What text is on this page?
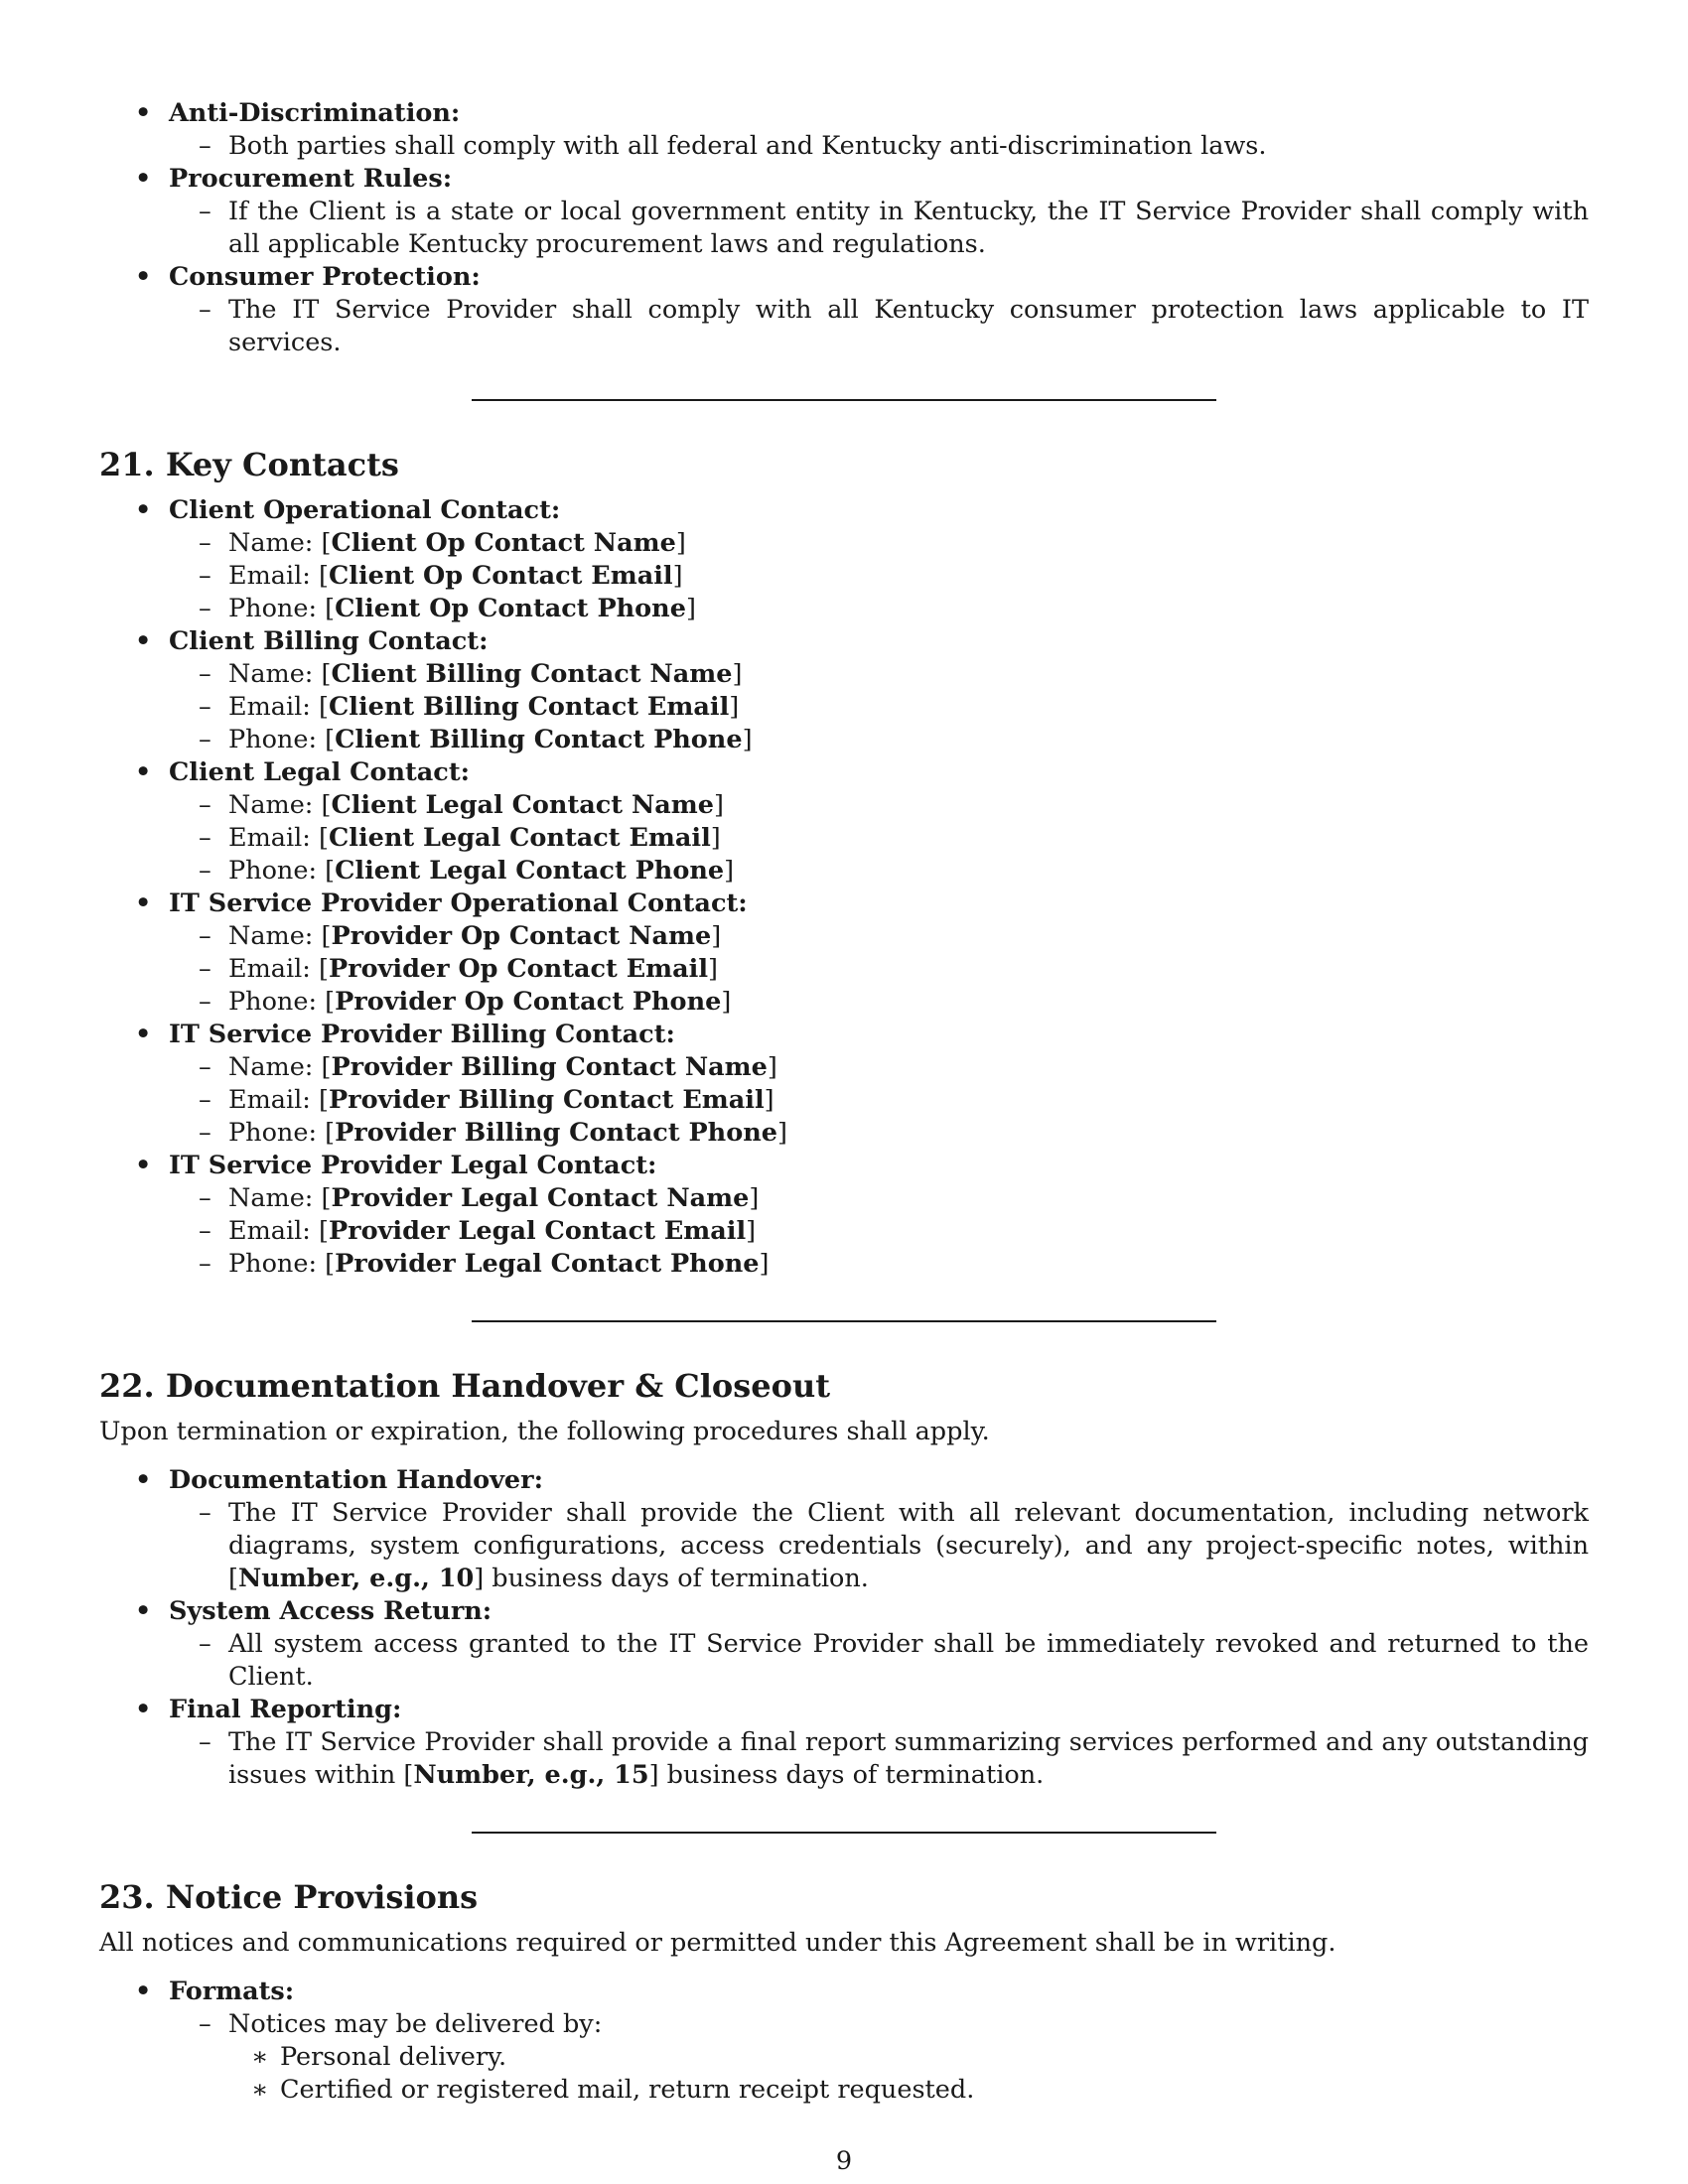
• Anti-Discrimination:
– Both parties shall comply with all federal and Kentucky anti-discrimination laws.
• Procurement Rules:
– If the Client is a state or local government entity in Kentucky, the IT Service Provider shall comply with all applicable Kentucky procurement laws and regulations.
• Consumer Protection:
– The IT Service Provider shall comply with all Kentucky consumer protection laws applicable to IT services.
21. Key Contacts
• Client Operational Contact:
– Name: [Client Op Contact Name]
– Email: [Client Op Contact Email]
– Phone: [Client Op Contact Phone]
• Client Billing Contact:
– Name: [Client Billing Contact Name]
– Email: [Client Billing Contact Email]
– Phone: [Client Billing Contact Phone]
• Client Legal Contact:
– Name: [Client Legal Contact Name]
– Email: [Client Legal Contact Email]
– Phone: [Client Legal Contact Phone]
• IT Service Provider Operational Contact:
– Name: [Provider Op Contact Name]
– Email: [Provider Op Contact Email]
– Phone: [Provider Op Contact Phone]
• IT Service Provider Billing Contact:
– Name: [Provider Billing Contact Name]
– Email: [Provider Billing Contact Email]
– Phone: [Provider Billing Contact Phone]
• IT Service Provider Legal Contact:
– Name: [Provider Legal Contact Name]
– Email: [Provider Legal Contact Email]
– Phone: [Provider Legal Contact Phone]
22. Documentation Handover & Closeout
Upon termination or expiration, the following procedures shall apply.
• Documentation Handover:
– The IT Service Provider shall provide the Client with all relevant documentation, including network diagrams, system configurations, access credentials (securely), and any project-specific notes, within [Number, e.g., 10] business days of termination.
• System Access Return:
– All system access granted to the IT Service Provider shall be immediately revoked and returned to the Client.
• Final Reporting:
– The IT Service Provider shall provide a final report summarizing services performed and any outstanding issues within [Number, e.g., 15] business days of termination.
23. Notice Provisions
All notices and communications required or permitted under this Agreement shall be in writing.
• Formats:
– Notices may be delivered by:
∗ Personal delivery.
∗ Certified or registered mail, return receipt requested.
9
